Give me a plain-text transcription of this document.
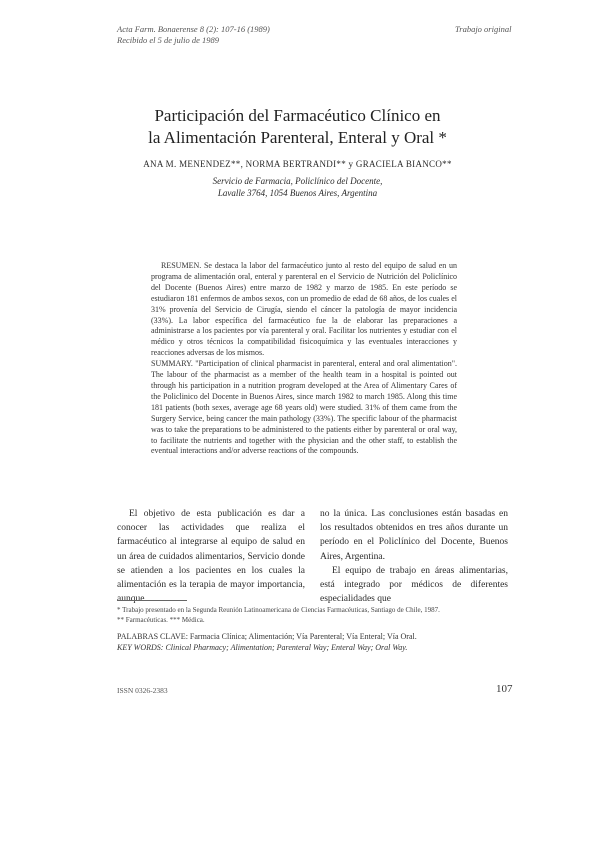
Acta Farm. Bonaerense 8 (2): 107-16 (1989)
Recibido el 5 de julio de 1989
Trabajo original
Participación del Farmacéutico Clínico en
la Alimentación Parenteral, Enteral y Oral *
ANA M. MENENDEZ**, NORMA BERTRANDI** y GRACIELA BIANCO**
Servicio de Farmacia, Policlínico del Docente,
Lavalle 3764, 1054 Buenos Aires, Argentina

RESUMEN. Se destaca la labor del farmacéutico junto al resto del equipo de salud en un programa de alimentación oral, enteral y parenteral en el Servicio de Nutrición del Policlínico del Docente (Buenos Aires) entre marzo de 1982 y marzo de 1985. En este período se estudiaron 181 enfermos de ambos sexos, con un promedio de edad de 68 años, de los cuales el 31% provenía del Servicio de Cirugía, siendo el cáncer la patología de mayor incidencia (33%). La labor específica del farmacéutico fue la de elaborar las preparaciones a administrarse a los pacientes por vía parenteral y oral. Facilitar los nutrientes y estudiar con el médico y otros técnicos la compatibilidad fisicoquímica y las eventuales interacciones y reacciones adversas de los mismos.

SUMMARY. "Participation of clinical pharmacist in parenteral, enteral and oral alimentation". The labour of the pharmacist as a member of the health team in a hospital is pointed out through his participation in a nutrition program developed at the Area of Alimentary Cares of the Policlinico del Docente in Buenos Aires, since march 1982 to march 1985. Along this time 181 patients (both sexes, average age 68 years old) were studied. 31% of them came from the Surgery Service, being cancer the main pathology (33%). The specific labour of the pharmacist was to take the preparations to be administered to the patients either by parenteral or oral way, to facilitate the nutrients and together with the physician and the other staff, to establish the eventual interactions and/or adverse reactions of the compounds.

El objetivo de esta publicación es dar a conocer las actividades que realiza el farmacéutico al integrarse al equipo de salud en un área de cuidados alimentarios, Servicio donde se atienden a los pacientes en los cuales la alimentación es la terapia de mayor importancia, aunque

no la única. Las conclusiones están basadas en los resultados obtenidos en tres años durante un período en el Policlínico del Docente, Buenos Aires, Argentina.

El equipo de trabajo en áreas alimentarias, está integrado por médicos de diferentes especialidades que

* Trabajo presentado en la Segunda Reunión Latinoamericana de Ciencias Farmacéuticas, Santiago de Chile, 1987.
** Farmacéuticas. *** Médica.
PALABRAS CLAVE: Farmacia Clínica; Alimentación; Vía Parenteral; Vía Enteral; Vía Oral.
KEY WORDS: Clinical Pharmacy; Alimentation; Parenteral Way; Enteral Way; Oral Way.
ISSN 0326-2383	107
